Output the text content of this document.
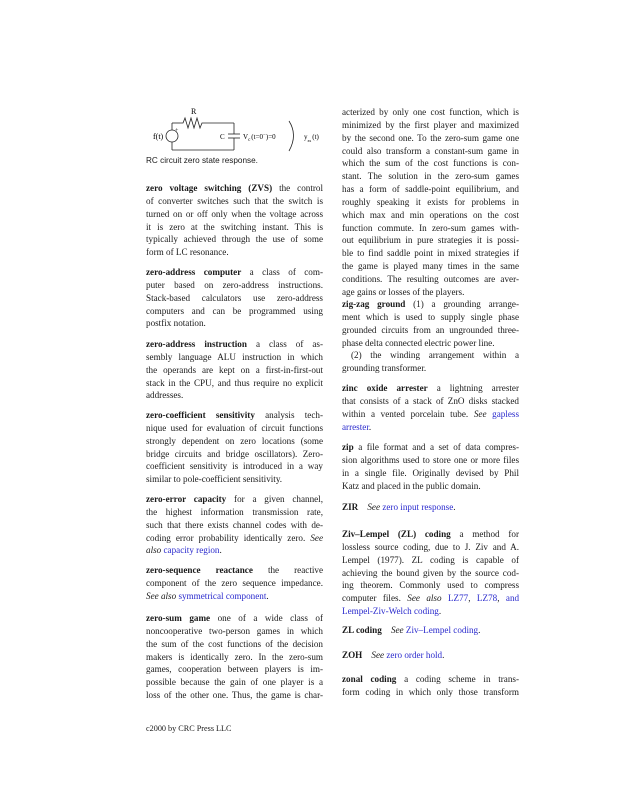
R
+
f(t)	C	$V_c(t=0^-)=0$	$y_{zs}(t)$
RC circuit zero state response.
zero voltage switching (ZVS) the control
of converter switches such that the switch is
turned on or off only when the voltage across
it is zero at the switching instant. This is
typically achieved through the use of some
form of LC resonance.
zero-address computer a class of com-
puter based on zero-address instructions.
Stack-based calculators use zero-address
computers and can be programmed using
postfix notation.
zero-address instruction a class of as-
sembly language ALU instruction in which
the operands are kept on a first-in-first-out
stack in the CPU, and thus require no explicit
addresses.
zero-coefficient sensitivity analysis tech-
nique used for evaluation of circuit functions
strongly dependent on zero locations (some
bridge circuits and bridge oscillators). Zero-
coefficient sensitivity is introduced in a way
similar to pole-coefficient sensitivity.
zero-error capacity for a given channel,
the highest information transmission rate,
such that there exists channel codes with de-
coding error probability identically zero. See
also capacity region.
zero-sequence reactance the reactive
component of the zero sequence impedance.
See also symmetrical component.
zero-sum game one of a wide class of
noncooperative two-person games in which
the sum of the cost functions of the decision
makers is identically zero. In the zero-sum
games, cooperation between players is im-
possible because the gain of one player is a
loss of the other one. Thus, the game is char-
acterized by only one cost function, which is
minimized by the first player and maximized
by the second one. To the zero-sum game one
could also transform a constant-sum game in
which the sum of the cost functions is con-
stant. The solution in the zero-sum games
has a form of saddle-point equilibrium, and
roughly speaking it exists for problems in
which max and min operations on the cost
function commute. In zero-sum games with-
out equilibrium in pure strategies it is possi-
ble to find saddle point in mixed strategies if
the game is played many times in the same
conditions. The resulting outcomes are aver-
age gains or losses of the players.
zig-zag ground (1) a grounding arrange-
ment which is used to supply single phase
grounded circuits from an ungrounded three-
phase delta connected electric power line.
(2) the winding arrangement within a
grounding transformer.
zinc oxide arrester a lightning arrester
that consists of a stack of ZnO disks stacked
within a vented porcelain tube. See gapless
arrester.
zip a file format and a set of data compres-
sion algorithms used to store one or more files
in a single file. Originally devised by Phil
Katz and placed in the public domain.
ZIR See zero input response.
Ziv–Lempel (ZL) coding a method for
lossless source coding, due to J. Ziv and A.
Lempel (1977). ZL coding is capable of
achieving the bound given by the source cod-
ing theorem. Commonly used to compress
computer files. See also LZ77, LZ78, and
Lempel-Ziv-Welch coding.
ZL coding See Ziv–Lempel coding.
ZOH See zero order hold.
zonal coding a coding scheme in trans-
form coding in which only those transform
c2000 by CRC Press LLC
